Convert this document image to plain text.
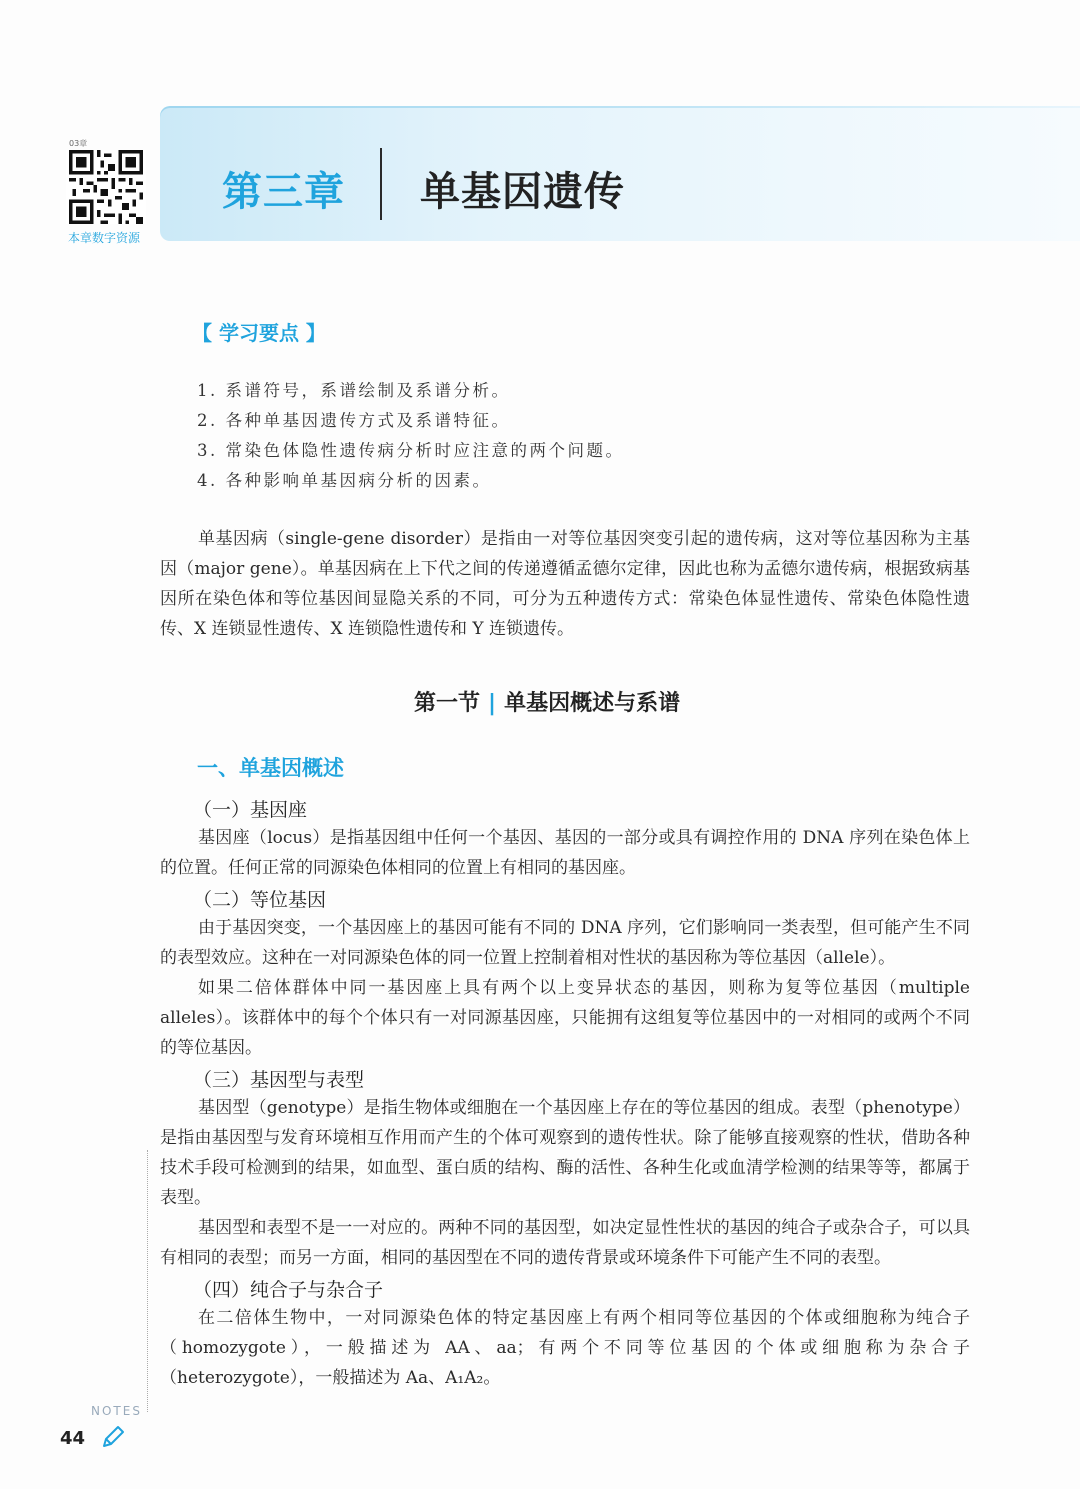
第三章 单基因遗传
03章
本章数字资源
【 学习要点 】
1. 系谱符号，系谱绘制及系谱分析。
2. 各种单基因遗传方式及系谱特征。
3. 常染色体隐性遗传病分析时应注意的两个问题。
4. 各种影响单基因病分析的因素。

单基因病（single-gene disorder）是指由一对等位基因突变引起的遗传病，这对等位基因称为主基因（major gene）。单基因病在上下代之间的传递遵循孟德尔定律，因此也称为孟德尔遗传病，根据致病基因所在染色体和等位基因间显隐关系的不同，可分为五种遗传方式：常染色体显性遗传、常染色体隐性遗传、X 连锁显性遗传、X 连锁隐性遗传和 Y 连锁遗传。

第一节 | 单基因概述与系谱
一、单基因概述
（一）基因座

基因座（locus）是指基因组中任何一个基因、基因的一部分或具有调控作用的 DNA 序列在染色体上的位置。任何正常的同源染色体相同的位置上有相同的基因座。

（二）等位基因

由于基因突变，一个基因座上的基因可能有不同的 DNA 序列，它们影响同一类表型，但可能产生不同的表型效应。这种在一对同源染色体的同一位置上控制着相对性状的基因称为等位基因（allele）。

如果二倍体群体中同一基因座上具有两个以上变异状态的基因，则称为复等位基因（multiple alleles）。该群体中的每个个体只有一对同源基因座，只能拥有这组复等位基因中的一对相同的或两个不同的等位基因。

（三）基因型与表型

基因型（genotype）是指生物体或细胞在一个基因座上存在的等位基因的组成。表型（phenotype）是指由基因型与发育环境相互作用而产生的个体可观察到的遗传性状。除了能够直接观察的性状，借助各种技术手段可检测到的结果，如血型、蛋白质的结构、酶的活性、各种生化或血清学检测的结果等等，都属于表型。

基因型和表型不是一一对应的。两种不同的基因型，如决定显性性状的基因的纯合子或杂合子，可以具有相同的表型；而另一方面，相同的基因型在不同的遗传背景或环境条件下可能产生不同的表型。

（四）纯合子与杂合子

在二倍体生物中，一对同源染色体的特定基因座上有两个相同等位基因的个体或细胞称为纯合子（homozygote），一般描述为 AA、aa；有两个不同等位基因的个体或细胞称为杂合子（heterozygote），一般描述为 Aa、A₁A₂。

NOTES
44
